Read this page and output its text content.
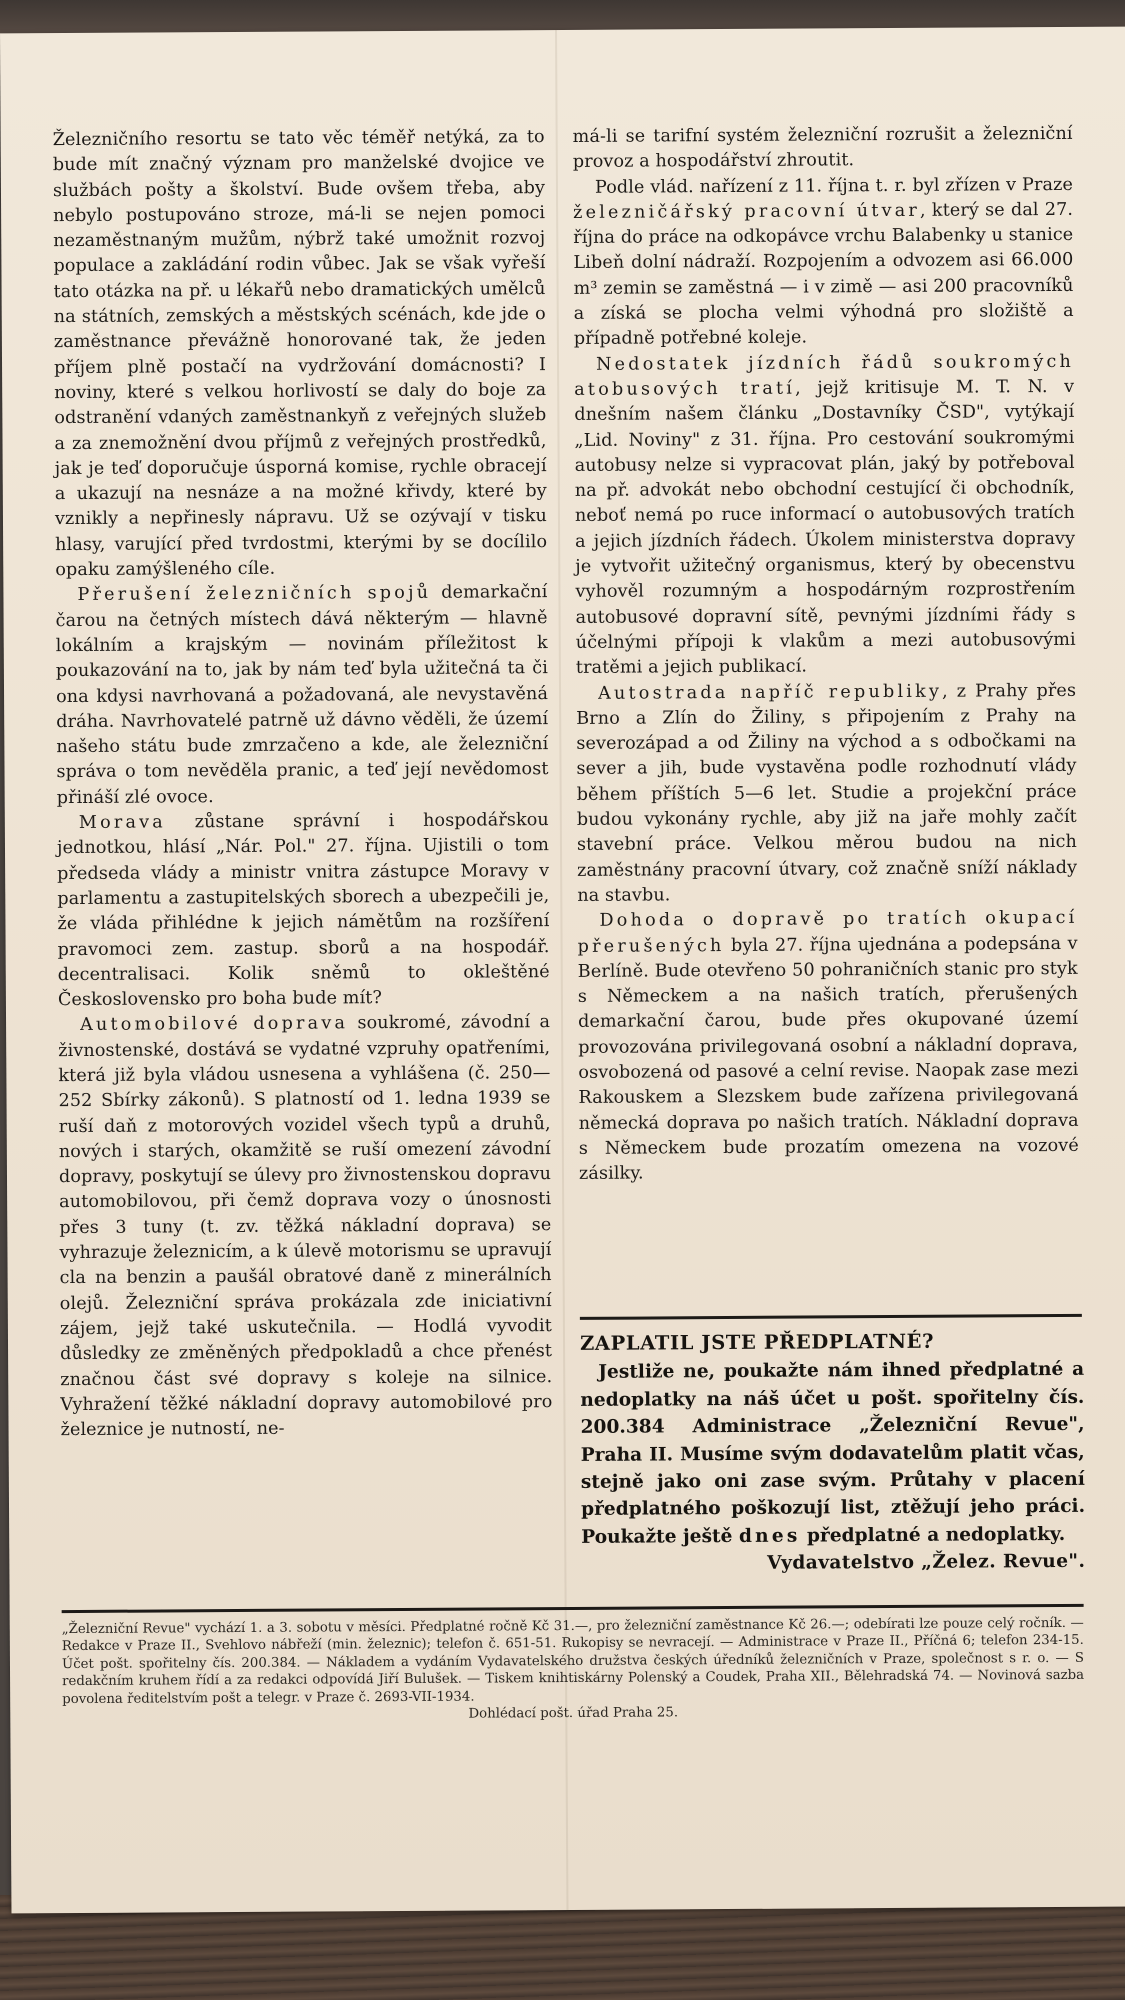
Železničního resortu se tato věc téměř netýká, za to bude mít značný význam pro manželské dvojice ve službách pošty a školství. Bude ovšem třeba, aby nebylo postupováno stroze, má-li se nejen pomoci nezaměstnaným mužům, nýbrž také umožnit rozvoj populace a zakládání rodin vůbec. Jak se však vyřeší tato otázka na př. u lékařů nebo dramatických umělců na státních, zemských a městských scénách, kde jde o zaměstnance převážně honorované tak, že jeden příjem plně postačí na vydržování domácnosti? I noviny, které s velkou horlivostí se daly do boje za odstranění vdaných zaměstnankyň z veřejných služeb a za znemožnění dvou příjmů z veřejných prostředků, jak je teď doporučuje úsporná komise, rychle obracejí a ukazují na nesnáze a na možné křivdy, které by vznikly a nepřinesly nápravu. Už se ozývají v tisku hlasy, varující před tvrdostmi, kterými by se docílilo opaku zamýšleného cíle.

Přerušení železničních spojů demarkační čarou na četných místech dává některým — hlavně lokálním a krajským — novinám příležitost k poukazování na to, jak by nám teď byla užitečná ta či ona kdysi navrhovaná a požadovaná, ale nevystavěná dráha. Navrhovatelé patrně už dávno věděli, že území našeho státu bude zmrzačeno a kde, ale železniční správa o tom nevěděla pranic, a teď její nevědomost přináší zlé ovoce.

Morava zůstane správní i hospodářskou jednotkou, hlásí „Nár. Pol." 27. října. Ujistili o tom předseda vlády a ministr vnitra zástupce Moravy v parlamentu a zastupitelských sborech a ubezpečili je, že vláda přihlédne k jejich námětům na rozšíření pravomoci zem. zastup. sborů a na hospodář. decentralisaci. Kolik sněmů to okleštěné Československo pro boha bude mít?

Automobilové doprava soukromé, závodní a živnostenské, dostává se vydatné vzpruhy opatřeními, která již byla vládou usnesena a vyhlášena (č. 250—252 Sbírky zákonů). S platností od 1. ledna 1939 se ruší daň z motorových vozidel všech typů a druhů, nových i starých, okamžitě se ruší omezení závodní dopravy, poskytují se úlevy pro živnostenskou dopravu automobilovou, při čemž doprava vozy o únosnosti přes 3 tuny (t. zv. těžká nákladní doprava) se vyhrazuje železnicím, a k úlevě motorismu se upravují cla na benzin a paušál obratové daně z minerálních olejů. Železniční správa prokázala zde iniciativní zájem, jejž také uskutečnila. — Hodlá vyvodit důsledky ze změněných předpokladů a chce přenést značnou část své dopravy s koleje na silnice. Vyhražení těžké nákladní dopravy automobilové pro železnice je nutností, ne-

má-li se tarifní systém železniční rozrušit a železniční provoz a hospodářství zhroutit.

Podle vlád. nařízení z 11. října t. r. byl zřízen v Praze železničářský pracovní útvar, který se dal 27. října do práce na odkopávce vrchu Balabenky u stanice Libeň dolní nádraží. Rozpojením a odvozem asi 66.000 m³ zemin se zaměstná — i v zimě — asi 200 pracovníků a získá se plocha velmi výhodná pro složiště a případně potřebné koleje.

Nedostatek jízdních řádů soukromých atobusových tratí, jejž kritisuje M. T. N. v dnešním našem článku „Dostavníky ČSD", vytýkají „Lid. Noviny" z 31. října. Pro cestování soukromými autobusy nelze si vypracovat plán, jaký by potřeboval na př. advokát nebo obchodní cestující či obchodník, neboť nemá po ruce informací o autobusových tratích a jejich jízdních řádech. Úkolem ministerstva dopravy je vytvořit užitečný organismus, který by obecenstvu vyhověl rozumným a hospodárným rozprostřením autobusové dopravní sítě, pevnými jízdními řády s účelnými přípoji k vlakům a mezi autobusovými tratěmi a jejich publikací.

Autostrada napříč republiky, z Prahy přes Brno a Zlín do Žiliny, s připojením z Prahy na severozápad a od Žiliny na východ a s odbočkami na sever a jih, bude vystavěna podle rozhodnutí vlády během příštích 5—6 let. Studie a projekční práce budou vykonány rychle, aby již na jaře mohly začít stavební práce. Velkou měrou budou na nich zaměstnány pracovní útvary, což značně sníží náklady na stavbu.

Dohoda o dopravě po tratích okupací přerušených byla 27. října ujednána a podepsána v Berlíně. Bude otevřeno 50 pohraničních stanic pro styk s Německem a na našich tratích, přerušených demarkační čarou, bude přes okupované území provozována privilegovaná osobní a nákladní doprava, osvobozená od pasové a celní revise. Naopak zase mezi Rakouskem a Slezskem bude zařízena privilegovaná německá doprava po našich tratích. Nákladní doprava s Německem bude prozatím omezena na vozové zásilky.

ZAPLATIL JSTE PŘEDPLATNÉ?
Jestliže ne, poukažte nám ihned předplatné a nedoplatky na náš účet u pošt. spořitelny čís. 200.384 Administrace „Železniční Revue", Praha II. Musíme svým dodavatelům platit včas, stejně jako oni zase svým. Průtahy v placení předplatného poškozují list, ztěžují jeho práci. Poukažte ještě dnes předplatné a nedoplatky.
Vydavatelstvo „Želez. Revue".
„Železniční Revue" vychází 1. a 3. sobotu v měsíci. Předplatné ročně Kč 31.—, pro železniční zaměstnance Kč 26.—; odebírati lze pouze celý ročník. — Redakce v Praze II., Svehlovo nábřeží (min. železnic); telefon č. 651-51. Rukopisy se nevracejí. — Administrace v Praze II., Příčná 6; telefon 234-15. Účet pošt. spořitelny čís. 200.384. — Nákladem a vydáním Vydavatelského družstva českých úředníků železničních v Praze, společnost s r. o. — S redakčním kruhem řídí a za redakci odpovídá Jiří Bulušek. — Tiskem knihtiskárny Polenský a Coudek, Praha XII., Bělehradská 74. — Novinová sazba povolena ředitelstvím pošt a telegr. v Praze č. 2693-VII-1934.
Dohlédací pošt. úřad Praha 25.
